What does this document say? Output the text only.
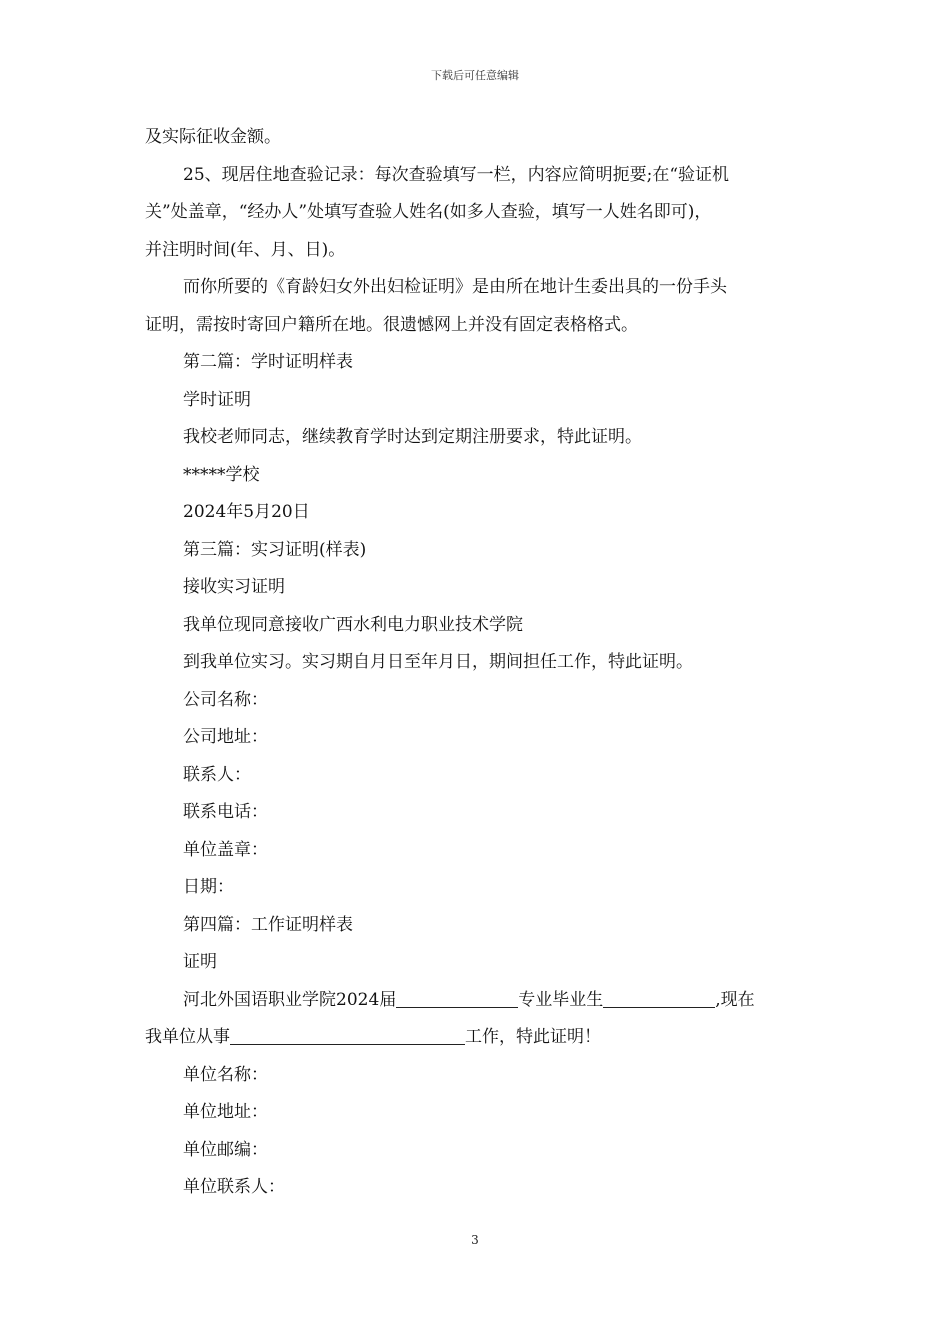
下载后可任意编辑

及实际征收金额。

25、现居住地查验记录：每次查验填写一栏，内容应简明扼要;在“验证机

关”处盖章，“经办人”处填写查验人姓名(如多人查验，填写一人姓名即可)，

并注明时间(年、月、日)。

而你所要的《育龄妇女外出妇检证明》是由所在地计生委出具的一份手头

证明，需按时寄回户籍所在地。很遗憾网上并没有固定表格格式。

第二篇：学时证明样表

学时证明

我校老师同志，继续教育学时达到定期注册要求，特此证明。

*****学校

2024年5月20日

第三篇：实习证明(样表)

接收实习证明

我单位现同意接收广西水利电力职业技术学院

到我单位实习。实习期自月日至年月日，期间担任工作，特此证明。

公司名称：

公司地址：

联系人：

联系电话：

单位盖章：

日期：

第四篇：工作证明样表

证明

河北外国语职业学院2024届	专业毕业生	,现在

我单位从事	工作，特此证明！

单位名称：

单位地址：

单位邮编：

单位联系人：

3
